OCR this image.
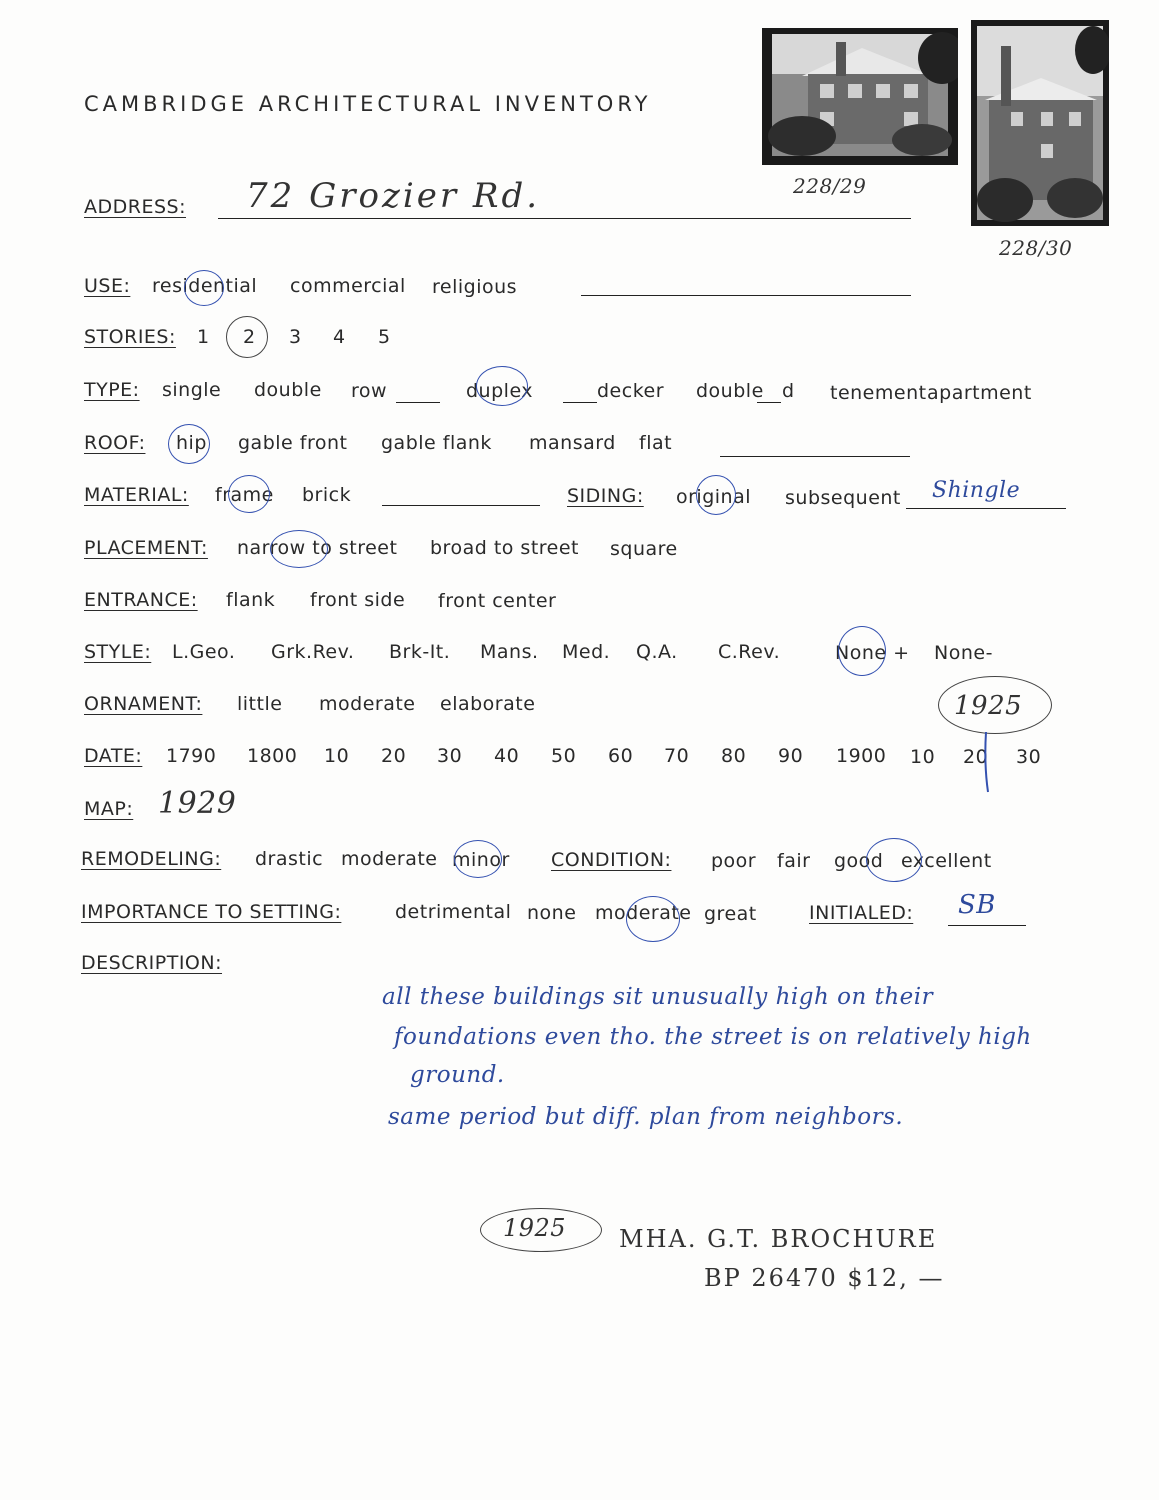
CAMBRIDGE ARCHITECTURAL INVENTORY
228/29
228/30
ADDRESS: 72 Grozier Rd.
USE: residential commercial religious
STORIES: 1 2 3 4 5
TYPE: single double row	duplex	decker double d tenement apartment
ROOF: hip gable front gable flank mansard flat
MATERIAL: frame brick	SIDING: original subsequent Shingle
PLACEMENT: narrow to street broad to street square
ENTRANCE: flank front side front center
STYLE: L.Geo. Grk.Rev. Brk-It. Mans. Med. Q.A. C.Rev.	None + None-
ORNAMENT: little moderate elaborate
DATE: 1790 1800 10 20 30 40 50 60 70 80 90 1900 10 20 30
1925
MAP: 1929
REMODELING: drastic moderate minor CONDITION: poor fair good excellent
IMPORTANCE TO SETTING:	detrimental none moderate great	INITIALED: SB
DESCRIPTION:
all these buildings sit unusually high on their
foundations even tho. the street is on relatively high
ground.
same period but diff. plan from neighbors.
1925 MHA. G.T. BROCHURE
BP 26470 $12, —
